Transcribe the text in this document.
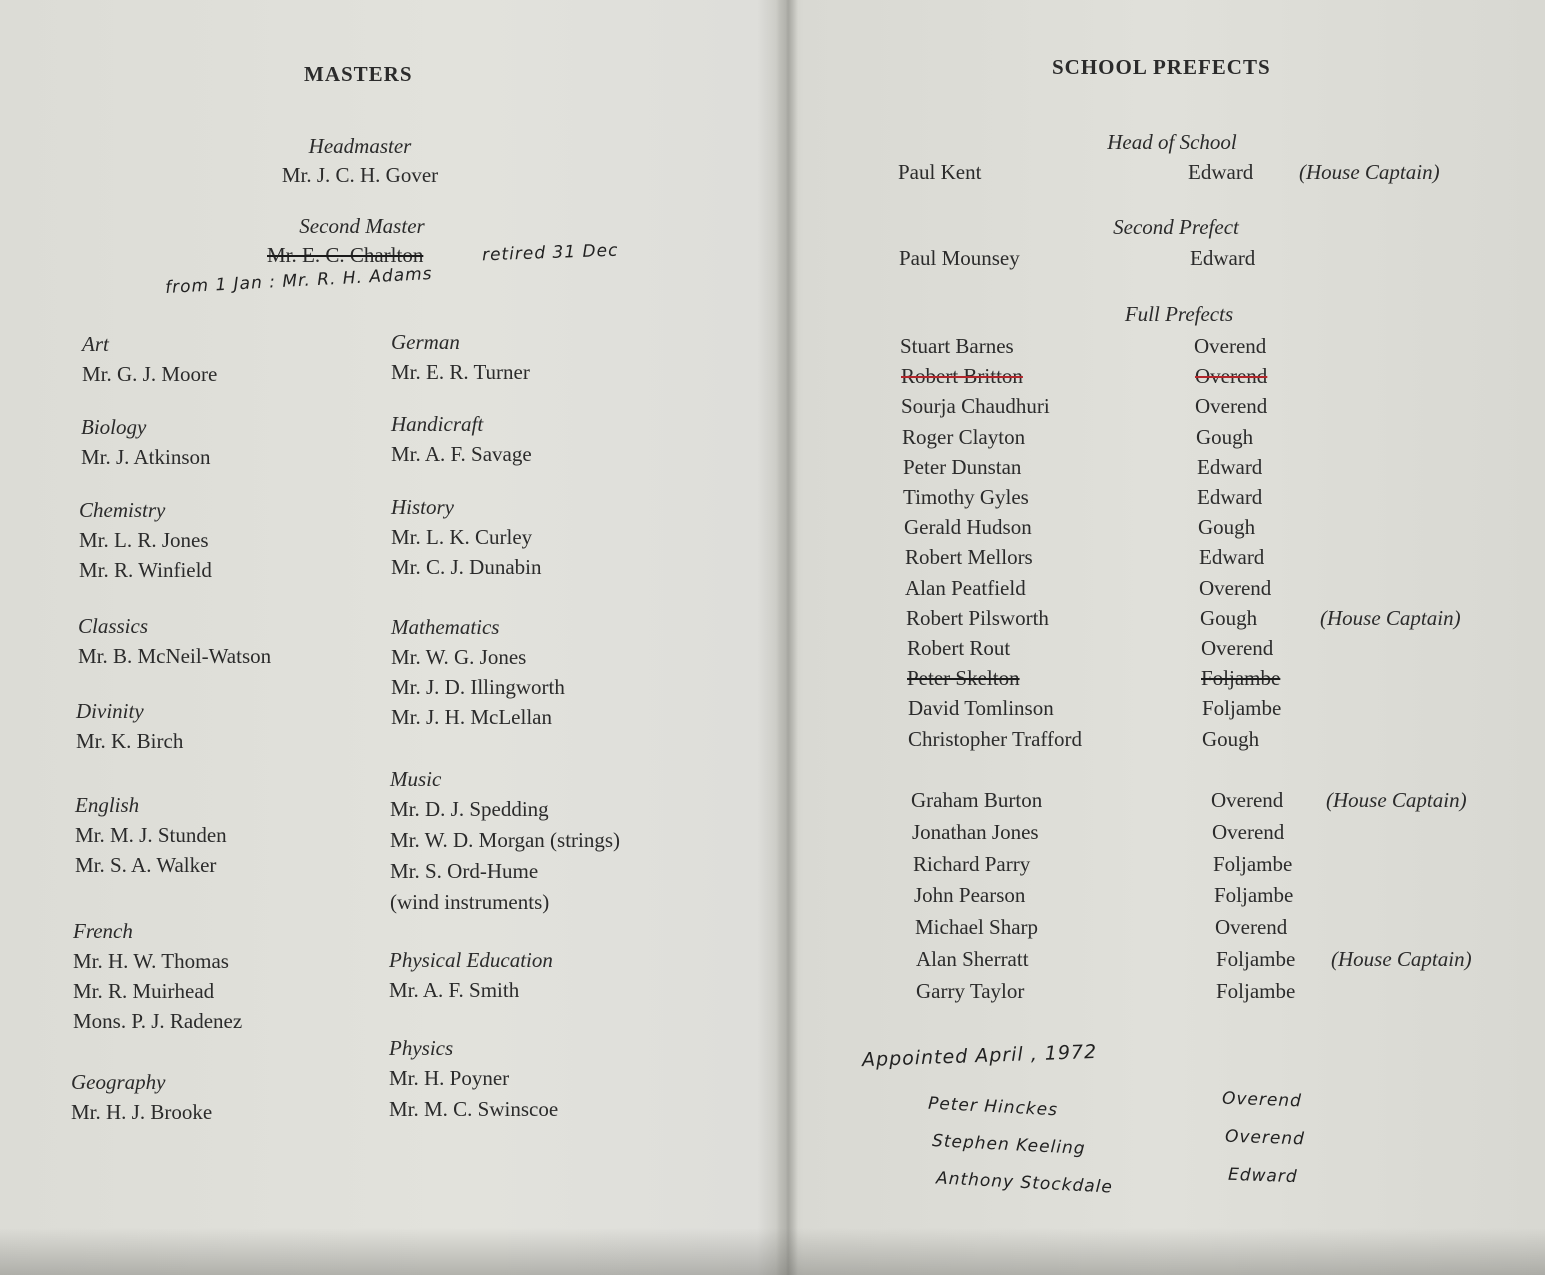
MASTERS
Headmaster
Mr. J. C. H. Gover
Second Master
Mr. E. C. Charlton	retired 31 Dec
from 1 Jan : Mr. R. H. Adams
Art
Mr. G. J. Moore
Biology
Mr. J. Atkinson
Chemistry
Mr. L. R. Jones
Mr. R. Winfield
Classics
Mr. B. McNeil-Watson
Divinity
Mr. K. Birch
English
Mr. M. J. Stunden
Mr. S. A. Walker
French
Mr. H. W. Thomas
Mr. R. Muirhead
Mons. P. J. Radenez
Geography
Mr. H. J. Brooke
German
Mr. E. R. Turner
Handicraft
Mr. A. F. Savage
History
Mr. L. K. Curley
Mr. C. J. Dunabin
Mathematics
Mr. W. G. Jones
Mr. J. D. Illingworth
Mr. J. H. McLellan
Music
Mr. D. J. Spedding
Mr. W. D. Morgan (strings)
Mr. S. Ord-Hume
(wind instruments)
Physical Education
Mr. A. F. Smith
Physics
Mr. H. Poyner
Mr. M. C. Swinscoe
SCHOOL PREFECTS
Head of School
Paul Kent	Edward (House Captain)
Second Prefect
Paul Mounsey	Edward
Full Prefects
Stuart Barnes	Overend
Robert Britton	Overend
Sourja Chaudhuri	Overend
Roger Clayton	Gough
Peter Dunstan	Edward
Timothy Gyles	Edward
Gerald Hudson	Gough
Robert Mellors	Edward
Alan Peatfield	Overend
Robert Pilsworth	Gough	(House Captain)
Robert Rout	Overend
Peter Skelton	Foljambe
David Tomlinson	Foljambe
Christopher Trafford	Gough
Graham Burton	Overend (House Captain)
Jonathan Jones	Overend
Richard Parry	Foljambe
John Pearson	Foljambe
Michael Sharp	Overend
Alan Sherratt	Foljambe (House Captain)
Garry Taylor	Foljambe
Appointed April , 1972
Peter Hinckes	Overend
Stephen Keeling	Overend
Anthony Stockdale	Edward
